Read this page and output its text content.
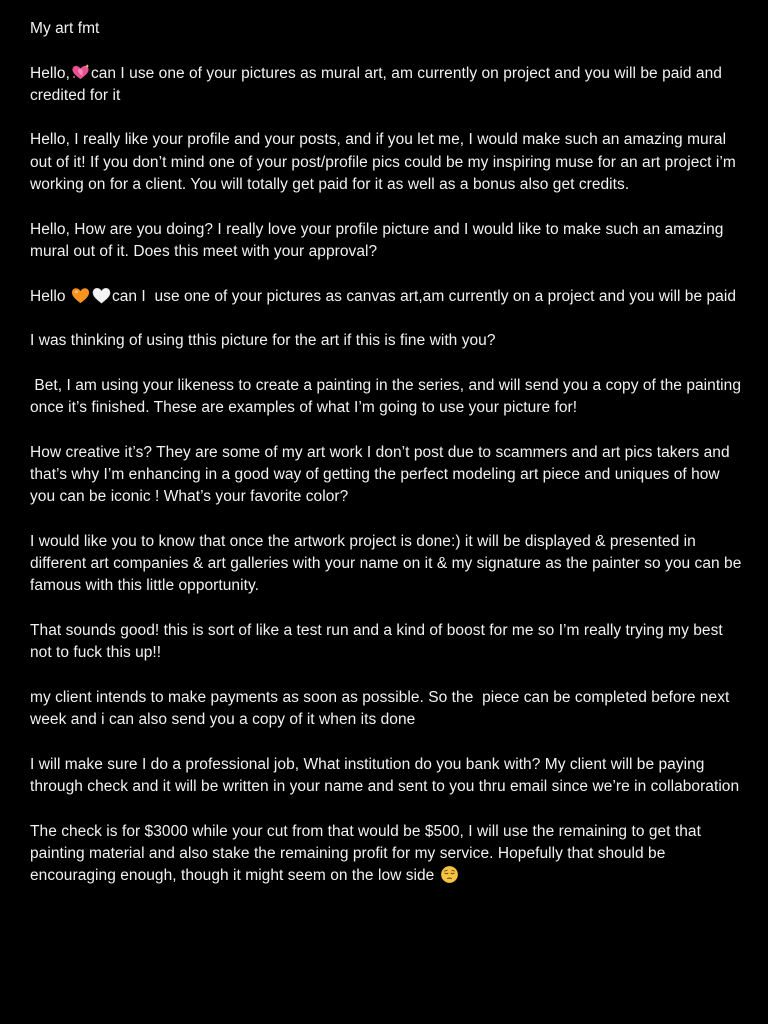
My art fmt

Hello, can I use one of your pictures as mural art, am currently on project and you will be paid and credited for it

Hello, I really like your profile and your posts, and if you let me, I would make such an amazing mural out of it! If you don’t mind one of your post/profile pics could be my inspiring muse for an art project i’m working on for a client. You will totally get paid for it as well as a bonus also get credits.

Hello, How are you doing? I really love your profile picture and I would like to make such an amazing mural out of it. Does this meet with your approval?

Hello	can I  use one of your pictures as canvas art,am currently on a project and you will be paid

I was thinking of using tthis picture for the art if this is fine with you?

Bet, I am using your likeness to create a painting in the series, and will send you a copy of the painting once it’s finished. These are examples of what I’m going to use your picture for!

How creative it’s? They are some of my art work I don’t post due to scammers and art pics takers and that’s why I’m enhancing in a good way of getting the perfect modeling art piece and uniques of how you can be iconic ! What’s your favorite color?

I would like you to know that once the artwork project is done:) it will be displayed & presented in different art companies & art galleries with your name on it & my signature as the painter so you can be famous with this little opportunity.

That sounds good! this is sort of like a test run and a kind of boost for me so I’m really trying my best not to fuck this up!!

my client intends to make payments as soon as possible. So the  piece can be completed before next week and i can also send you a copy of it when its done

I will make sure I do a professional job, What institution do you bank with? My client will be paying through check and it will be written in your name and sent to you thru email since we’re in collaboration

The check is for $3000 while your cut from that would be $500, I will use the remaining to get that painting material and also stake the remaining profit for my service. Hopefully that should be encouraging enough, though it might seem on the low side
